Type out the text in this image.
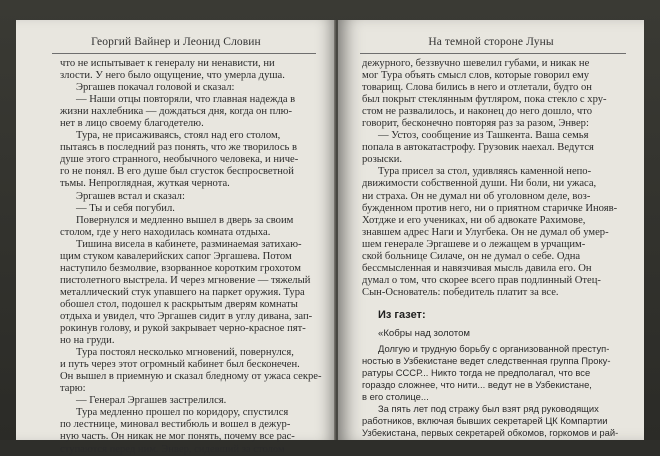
Георгий Вайнер и Леонид Словин
что не испытывает к генералу ни ненависти, ни
злости. У него было ощущение, что умерла душа.
Эргашев покачал головой и сказал:
— Наши отцы повторяли, что главная надежда в
жизни нахлебника — дождаться дня, когда он плю-
нет в лицо своему благодетелю.
Тура, не присаживаясь, стоял над его столом,
пытаясь в последний раз понять, что же творилось в
душе этого странного, необычного человека, и ниче-
го не понял. В его душе был сгусток беспросветной
тьмы. Непроглядная, жуткая чернота.
Эргашев встал и сказал:
— Ты и себя погубил.
Повернулся и медленно вышел в дверь за своим
столом, где у него находилась комната отдыха.
Тишина висела в кабинете, разминаемая затихаю-
щим стуком кавалерийских сапог Эргашева. Потом
наступило безмолвие, взорванное коротким грохотом
пистолетного выстрела. И через мгновение — тяжелый
металлический стук упавшего на паркет оружия. Тура
обошел стол, подошел к раскрытым дверям комнаты
отдыха и увидел, что Эргашев сидит в углу дивана, зап-
рокинув голову, и рукой закрывает черно-красное пят-
но на груди.
Тура постоял несколько мгновений, повернулся,
и путь через этот огромный кабинет был бесконечен.
Он вышел в приемную и сказал бледному от ужаса секре-
тарю:
— Генерал Эргашев застрелился.
Тура медленно прошел по коридору, спустился
по лестнице, миновал вестибюль и вошел в дежур-
ную часть. Он никак не мог понять, почему все рас-
ступаются перед ним. Энвер, сидевший за столом
На темной стороне Луны
дежурного, беззвучно шевелил губами, и никак не
мог Тура объять смысл слов, которые говорил ему
товарищ. Слова бились в него и отлетали, будто он
был покрыт стеклянным футляром, пока стекло с хру-
стом не развалилось, и наконец до него дошло, что
говорит, бесконечно повторяя раз за разом, Энвер:
— Устоз, сообщение из Ташкента. Ваша семья
попала в автокатастрофу. Грузовик наехал. Ведутся
розыски.
Тура присел за стол, удивляясь каменной непо-
движимости собственной души. Ни боли, ни ужаса,
ни страха. Он не думал ни об уголовном деле, воз-
бужденном против него, ни о приятном старичке Инояв-
Хотдже и его учениках, ни об адвокате Рахимове,
знавшем адрес Наги и Улугбека. Он не думал об умер-
шем генерале Эргашеве и о лежащем в урчащим-
ской больнице Силаче, он не думал о себе. Одна
бессмысленная и навязчивая мысль давила его. Он
думал о том, что скорее всего прав подлинный Отец-
Сын-Основатель: победитель платит за все.
Из газет:
«Кобры над золотом
Долгую и трудную борьбу с организованной преступ-
ностью в Узбекистане ведет следственная группа Проку-
ратуры СССР... Никто тогда не предполагал, что все
гораздо сложнее, что нити... ведут не в Узбекистане,
в его столице...
За пять лет под стражу был взят ряд руководящих
работников, включая бывших секретарей ЦК Компартии
Узбекистана, первых секретарей обкомов, горкомов и рай-
